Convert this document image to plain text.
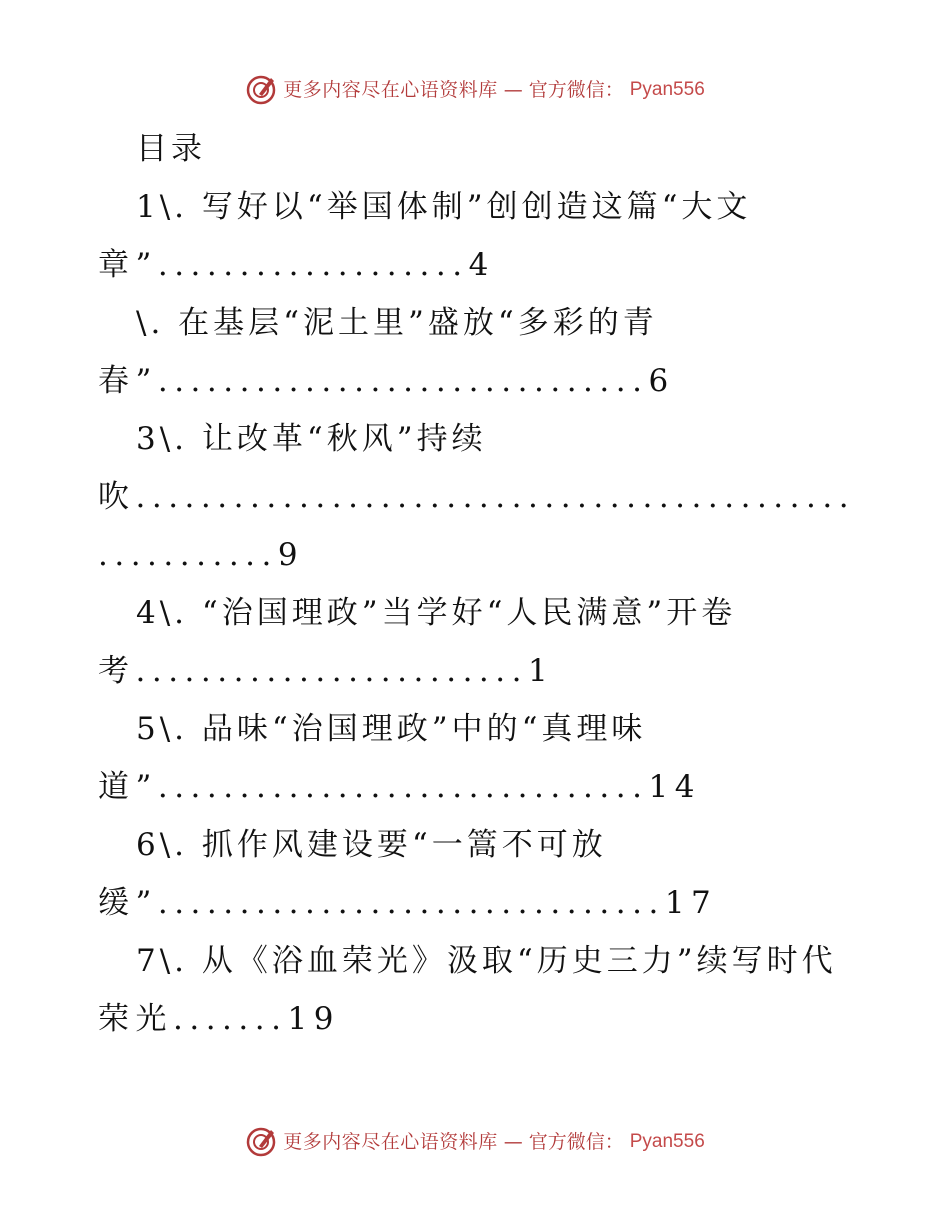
更多内容尽在心语资料库 — 官方微信： Pyan556
目录
1\. 写好以“举国体制”创创造这篇“大文
章”...................4
\. 在基层“泥土里”盛放“多彩的青
春”..............................6
3\. 让改革“秋风”持续
吹............................................
...........9
4\. “治国理政”当学好“人民满意”开卷
考........................1
5\. 品味“治国理政”中的“真理味
道”..............................14
6\. 抓作风建设要“一篙不可放
缓”...............................17
7\. 从《浴血荣光》汲取“历史三力”续写时代
荣光.......19
更多内容尽在心语资料库 — 官方微信： Pyan556
